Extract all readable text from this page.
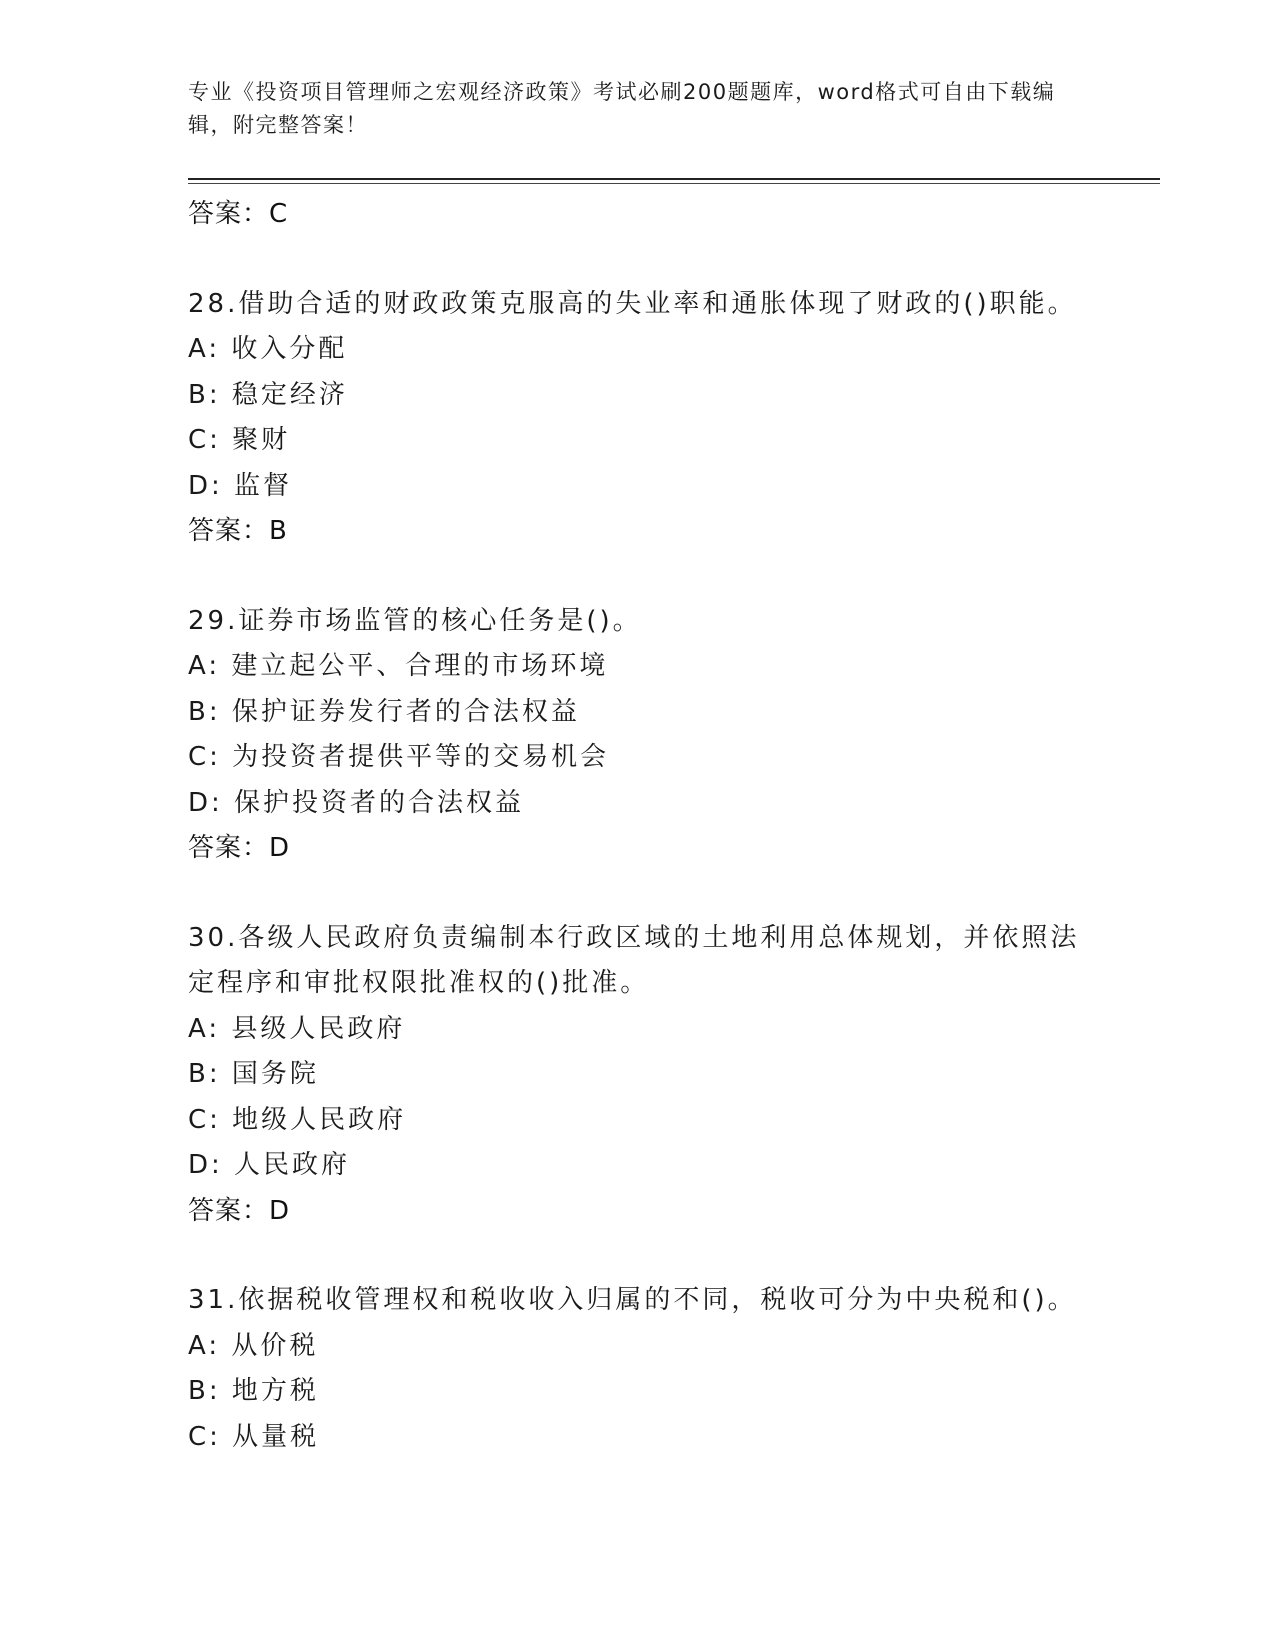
专业《投资项目管理师之宏观经济政策》考试必刷200题题库，word格式可自由下载编辑，附完整答案！
答案：C
28.借助合适的财政政策克服高的失业率和通胀体现了财政的()职能。
A: 收入分配
B: 稳定经济
C: 聚财
D: 监督
答案：B
29.证券市场监管的核心任务是()。
A: 建立起公平、合理的市场环境
B: 保护证券发行者的合法权益
C: 为投资者提供平等的交易机会
D: 保护投资者的合法权益
答案：D
30.各级人民政府负责编制本行政区域的土地利用总体规划，并依照法
定程序和审批权限批准权的()批准。
A: 县级人民政府
B: 国务院
C: 地级人民政府
D: 人民政府
答案：D
31.依据税收管理权和税收收入归属的不同，税收可分为中央税和()。
A: 从价税
B: 地方税
C: 从量税
